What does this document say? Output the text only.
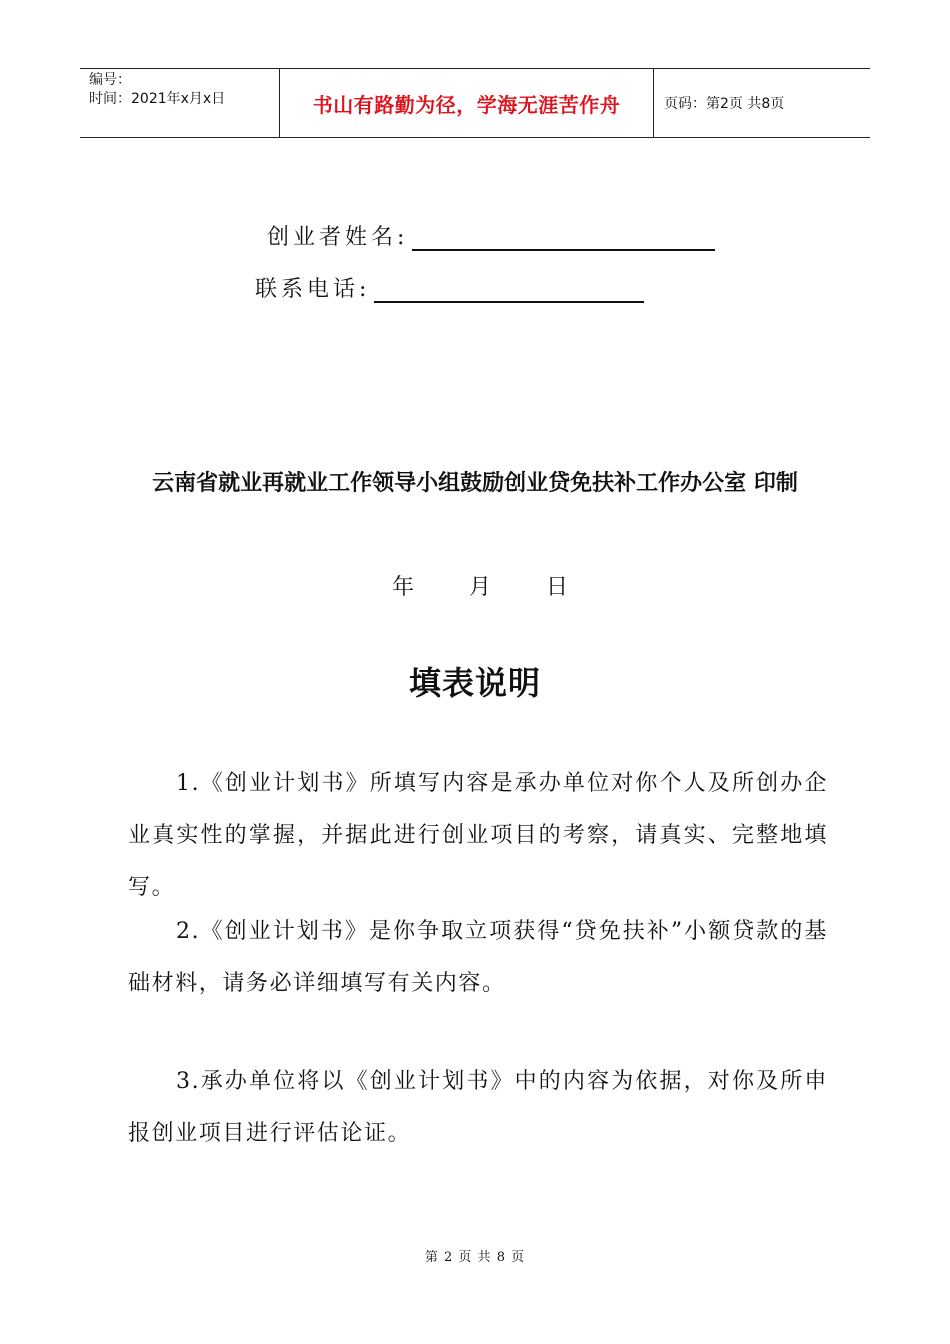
编号：
时间：2021年x月x日	书山有路勤为径，学海无涯苦作舟	页码：第2页 共8页
创业者姓名:
联系电话:
云南省就业再就业工作领导小组鼓励创业贷免扶补工作办公室 印制
年	月	日
填表说明

1.《创业计划书》所填写内容是承办单位对你个人及所创办企业真实性的掌握，并据此进行创业项目的考察，请真实、完整地填写。

2.《创业计划书》是你争取立项获得“贷免扶补”小额贷款的基础材料，请务必详细填写有关内容。

3.承办单位将以《创业计划书》中的内容为依据，对你及所申报创业项目进行评估论证。

第 2 页 共 8 页
